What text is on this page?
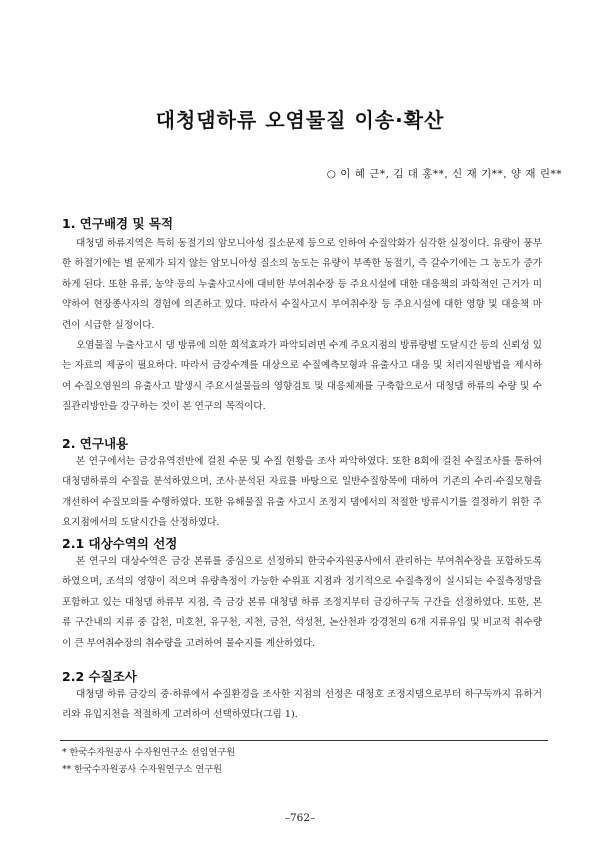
대청댐하류 오염물질 이송·확산
○ 이 혜 근*, 김 대 홍**, 신 재 기**, 양 재 린**
1. 연구배경 및 목적

대청댐 하류지역은 특히 동절기의 암모니아성 질소문제 등으로 인하여 수질악화가 심각한 실정이다. 유량이 풍부한 하절기에는 별 문제가 되지 않는 암모니아성 질소의 농도는 유량이 부족한 동절기, 즉 갈수기에는 그 농도가 증가하게 된다. 또한 유류, 농약 등의 누출사고시에 대비한 부여취수장 등 주요시설에 대한 대응책의 과학적인 근거가 미약하여 현장종사자의 경험에 의존하고 있다. 따라서 수질사고시 부여취수장 등 주요시설에 대한 영향 및 대응책 마련이 시급한 실정이다.

오염물질 누출사고시 댐 방류에 의한 희석효과가 파악되려면 수계 주요지점의 방류량별 도달시간 등의 신뢰성 있는 자료의 제공이 필요하다. 따라서 금강수계를 대상으로 수질예측모형과 유출사고 대응 및 처리지원방법을 제시하여 수질오염원의 유출사고 발생시 주요시설물들의 영향검토 및 대응체제를 구축함으로서 대청댐 하류의 수량 및 수질관리방안을 강구하는 것이 본 연구의 목적이다.

2. 연구내용

본 연구에서는 금강유역전반에 걸친 수문 및 수질 현황을 조사 파악하였다. 또한 8회에 걸친 수질조사를 통하여 대청댐하류의 수질을 분석하였으며, 조사·분석된 자료를 바탕으로 일반수질항목에 대하여 기존의 수리·수질모형을 개선하여 수질모의를 수행하였다. 또한 유해물질 유출 사고시 조정지 댐에서의 적절한 방류시기를 결정하기 위한 주요지점에서의 도달시간을 산정하였다.

2.1 대상수역의 선정

본 연구의 대상수역은 금강 본류를 중심으로 선정하되 한국수자원공사에서 관리하는 부여취수장을 포함하도록 하였으며, 조석의 영향이 적으며 유량측정이 가능한 수위표 지점과 정기적으로 수질측정이 실시되는 수질측정망을 포함하고 있는 대청댐 하류부 지점, 즉 금강 본류 대청댐 하류 조정지부터 금강하구둑 구간을 선정하였다. 또한, 본류 구간내의 지류 중 갑천, 미호천, 유구천, 지천, 금천, 석성천, 논산천과 강경천의 6개 지류유입 및 비교적 취수량이 큰 부여취수장의 취수량을 고려하여 물수지를 계산하였다.

2.2 수질조사

대청댐 하류 금강의 중·하류에서 수질환경을 조사한 지점의 선정은 대청호 조정지댐으로부터 하구둑까지 유하거리와 유입지천을 적절하게 고려하여 선택하였다(그림 1).

* 한국수자원공사 수자원연구소 선임연구원
** 한국수자원공사 수자원연구소 연구원
–762–
